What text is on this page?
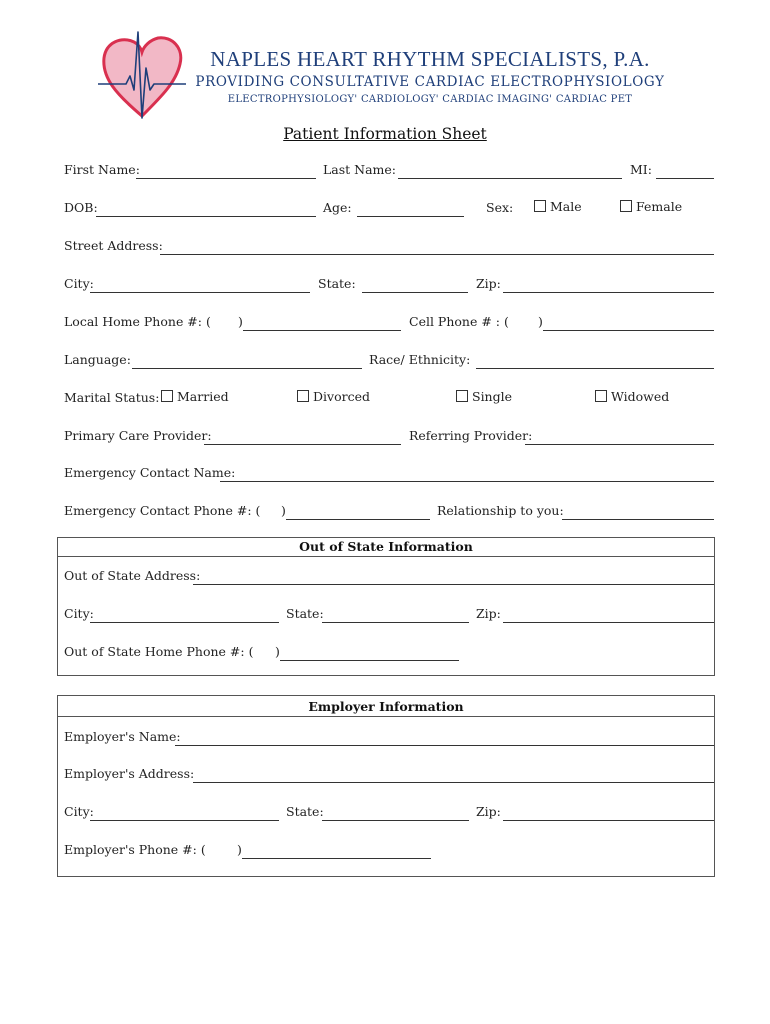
NAPLES HEART RHYTHM SPECIALISTS, P.A.
PROVIDING CONSULTATIVE CARDIAC ELECTROPHYSIOLOGY
ELECTROPHYSIOLOGY' CARDIOLOGY' CARDIAC IMAGING' CARDIAC PET
Patient Information Sheet
First Name:	Last Name:	MI:
DOB:	Age:	Sex:	Male	Female
Street Address:
City:	State:	Zip:
Local Home Phone #: ( )	Cell Phone # : ( )
Language:	Race/ Ethnicity:
Marital Status:	Married	Divorced	Single	Widowed
Primary Care Provider:	Referring Provider:
Emergency Contact Name:
Emergency Contact Phone #: ( )	Relationship to you:
Out of State Information
Out of State Address:
City:	State:	Zip:
Out of State Home Phone #: ( )
Employer Information
Employer's Name:
Employer's Address:
City:	State:	Zip:
Employer's Phone #: (	)
